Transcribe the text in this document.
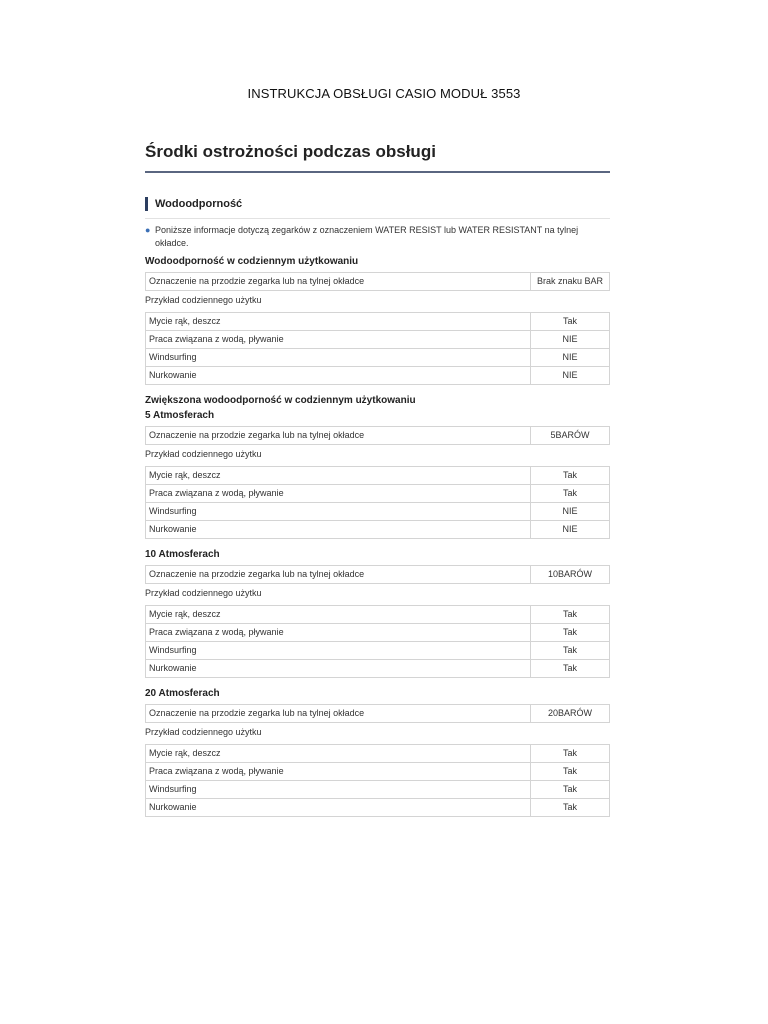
INSTRUKCJA OBSŁUGI CASIO MODUŁ 3553
Środki ostrożności podczas obsługi
Wodoodporność
● Poniższe informacje dotyczą zegarków z oznaczeniem WATER RESIST lub WATER RESISTANT na tylnej okładce.
Wodoodporność w codziennym użytkowaniu
Oznaczenie na przodzie zegarka lub na tylnej okładce	Brak znaku BAR
Przykład codziennego użytku
Mycie rąk, deszcz	Tak
Praca związana z wodą, pływanie	NIE
Windsurfing	NIE
Nurkowanie	NIE
Zwiększona wodoodporność w codziennym użytkowaniu
5 Atmosferach
Oznaczenie na przodzie zegarka lub na tylnej okładce	5BARÓW
Przykład codziennego użytku
Mycie rąk, deszcz	Tak
Praca związana z wodą, pływanie	Tak
Windsurfing	NIE
Nurkowanie	NIE
10 Atmosferach
Oznaczenie na przodzie zegarka lub na tylnej okładce	10BARÓW
Przykład codziennego użytku
Mycie rąk, deszcz	Tak
Praca związana z wodą, pływanie	Tak
Windsurfing	Tak
Nurkowanie	Tak
20 Atmosferach
Oznaczenie na przodzie zegarka lub na tylnej okładce	20BARÓW
Przykład codziennego użytku
Mycie rąk, deszcz	Tak
Praca związana z wodą, pływanie	Tak
Windsurfing	Tak
Nurkowanie	Tak
